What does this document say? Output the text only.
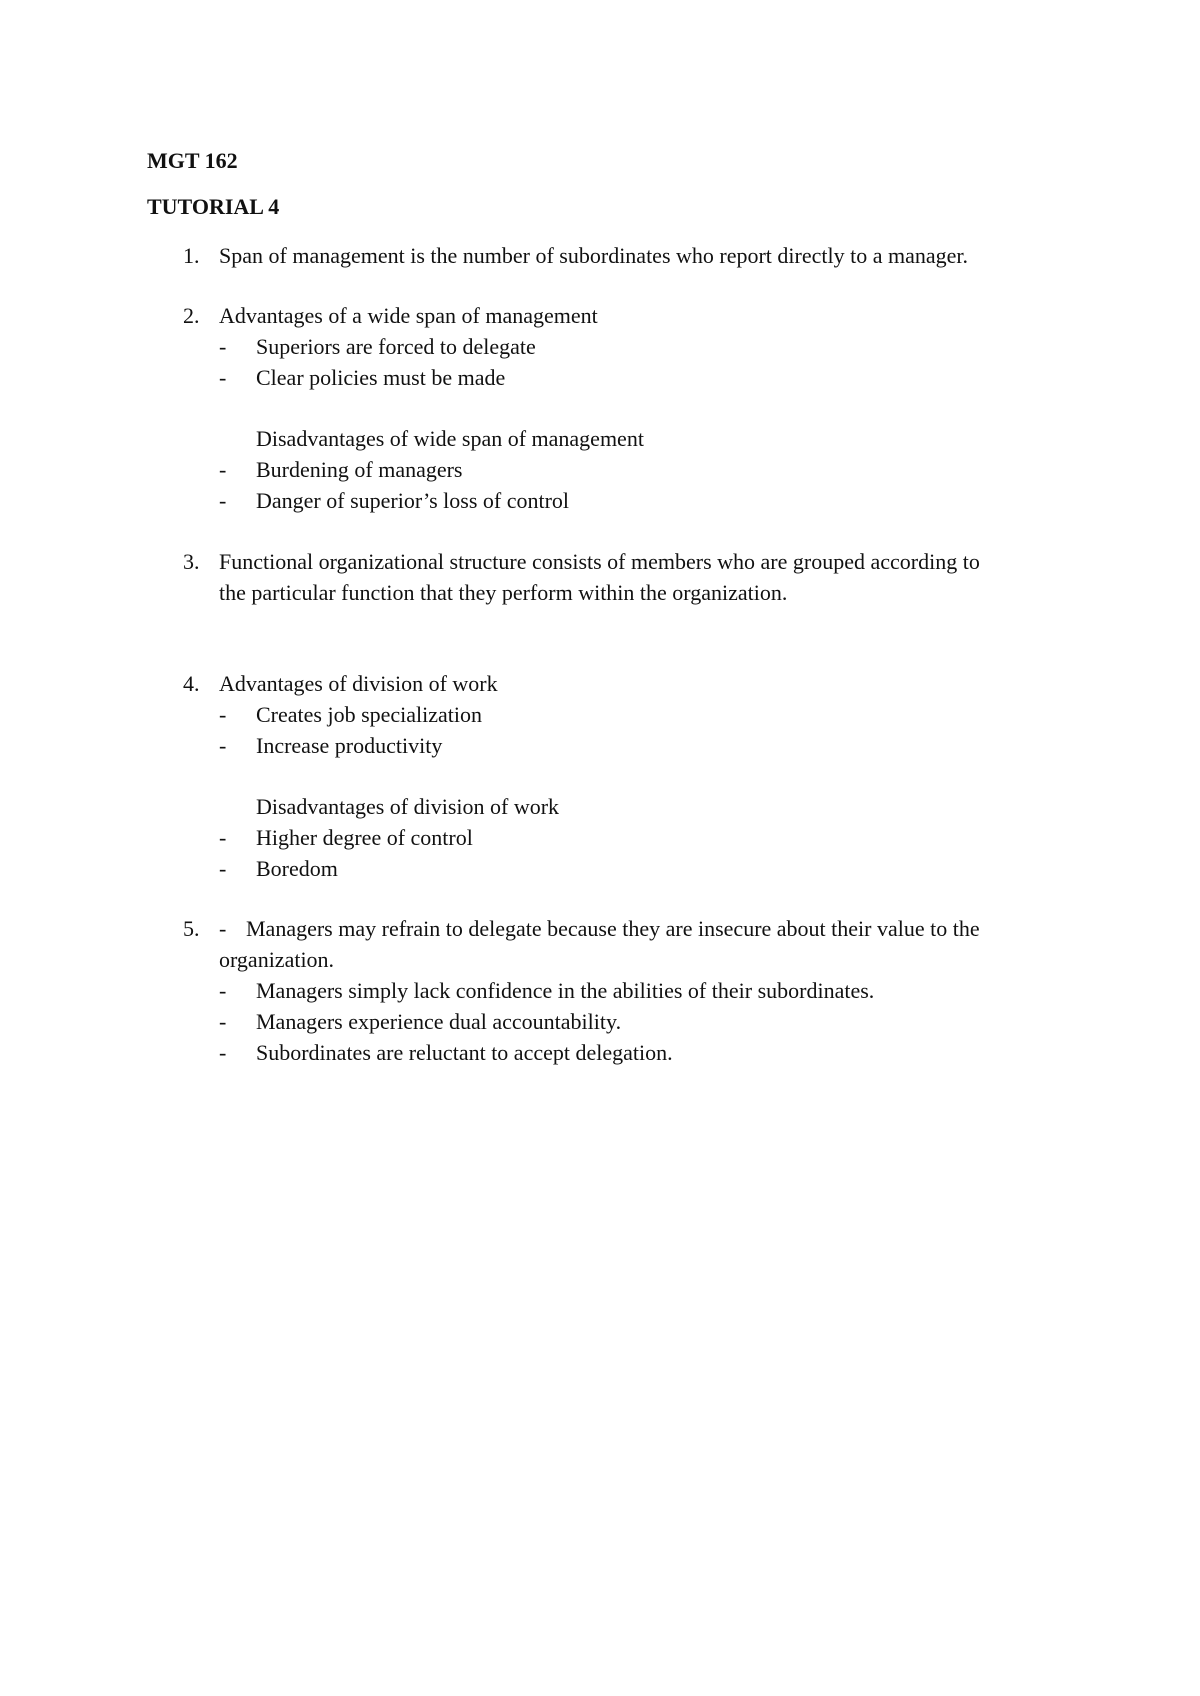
MGT 162
TUTORIAL 4
1. Span of management is the number of subordinates who report directly to a manager.
2. Advantages of a wide span of management
- Superiors are forced to delegate
- Clear policies must be made
Disadvantages of wide span of management
- Burdening of managers
- Danger of superior’s loss of control
3. Functional organizational structure consists of members who are grouped according to
the particular function that they perform within the organization.
4. Advantages of division of work
- Creates job specialization
- Increase productivity
Disadvantages of division of work
- Higher degree of control
- Boredom
5. - Managers may refrain to delegate because they are insecure about their value to the
organization.
- Managers simply lack confidence in the abilities of their subordinates.
- Managers experience dual accountability.
- Subordinates are reluctant to accept delegation.
